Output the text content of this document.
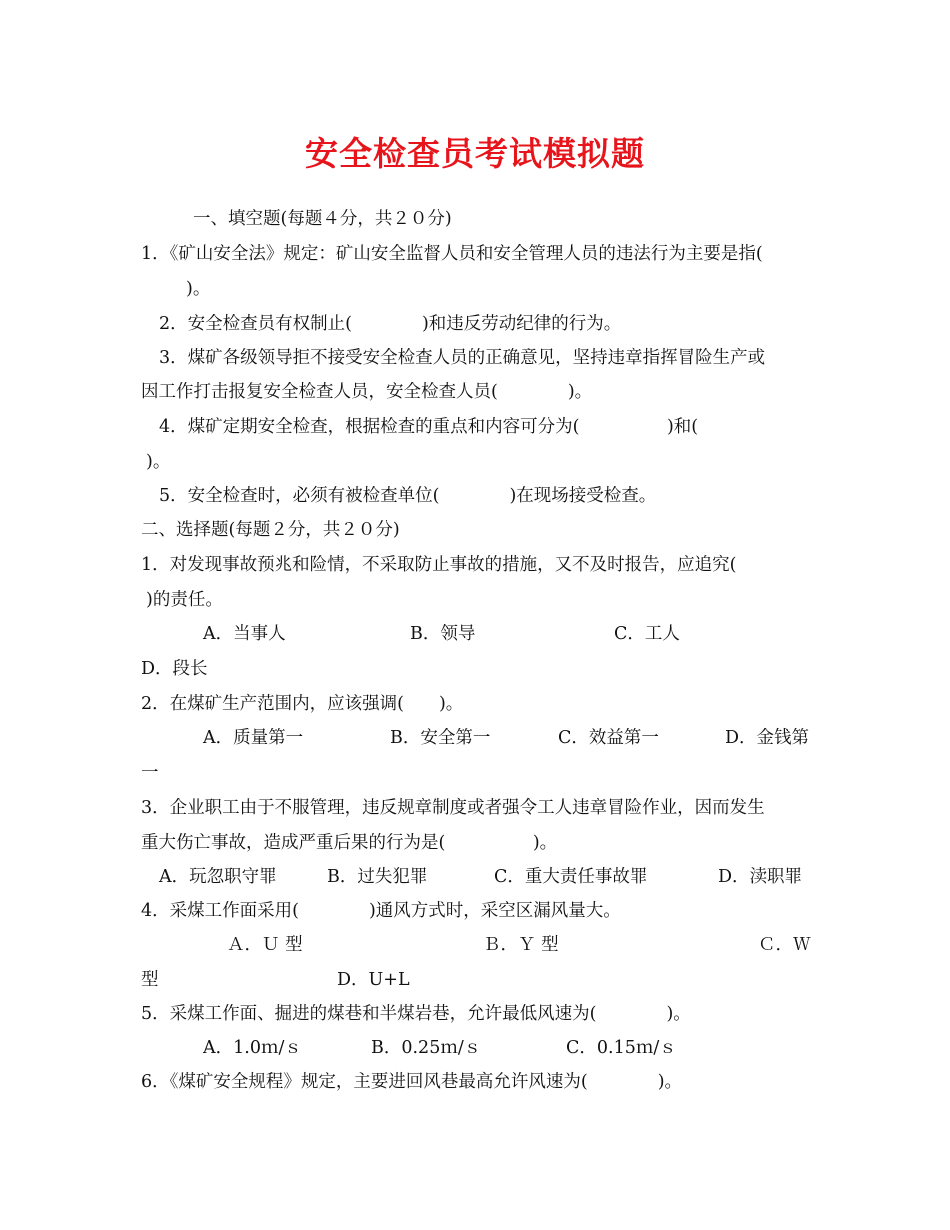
安全检查员考试模拟题
一、填空题(每题４分，共２０分)
1．《矿山安全法》规定：矿山安全监督人员和安全管理人员的违法行为主要是指(
)。
2．安全检查员有权制止(　　　　)和违反劳动纪律的行为。
3．煤矿各级领导拒不接受安全检查人员的正确意见，坚持违章指挥冒险生产或
因工作打击报复安全检查人员，安全检查人员(　　　　)。
4．煤矿定期安全检查，根据检查的重点和内容可分为(　　　　　)和(
)。
5．安全检查时，必须有被检查单位(　　　　)在现场接受检查。
二、选择题(每题２分，共２０分)
1．对发现事故预兆和险情，不采取防止事故的措施，又不及时报告，应追究(
)的责任。
A．当事人	B．领导	C．工人
D．段长
2．在煤矿生产范围内，应该强调(　　)。
A．质量第一	B．安全第一	C．效益第一	D．金钱第
一
3．企业职工由于不服管理，违反规章制度或者强令工人违章冒险作业，因而发生
重大伤亡事故，造成严重后果的行为是(　　　　　)。
A．玩忽职守罪	B．过失犯罪	C．重大责任事故罪	D．渎职罪
4．采煤工作面采用(　　　　)通风方式时，采空区漏风量大。
Ａ．Ｕ 型	Ｂ．Ｙ 型	Ｃ．Ｗ
型	D．U+L
5．采煤工作面、掘进的煤巷和半煤岩巷，允许最低风速为(　　　　)。
A．1.0ｍ/ｓ	B．0.25ｍ/ｓ	C．0.15ｍ/ｓ
6．《煤矿安全规程》规定，主要进回风巷最高允许风速为(　　　　)。
